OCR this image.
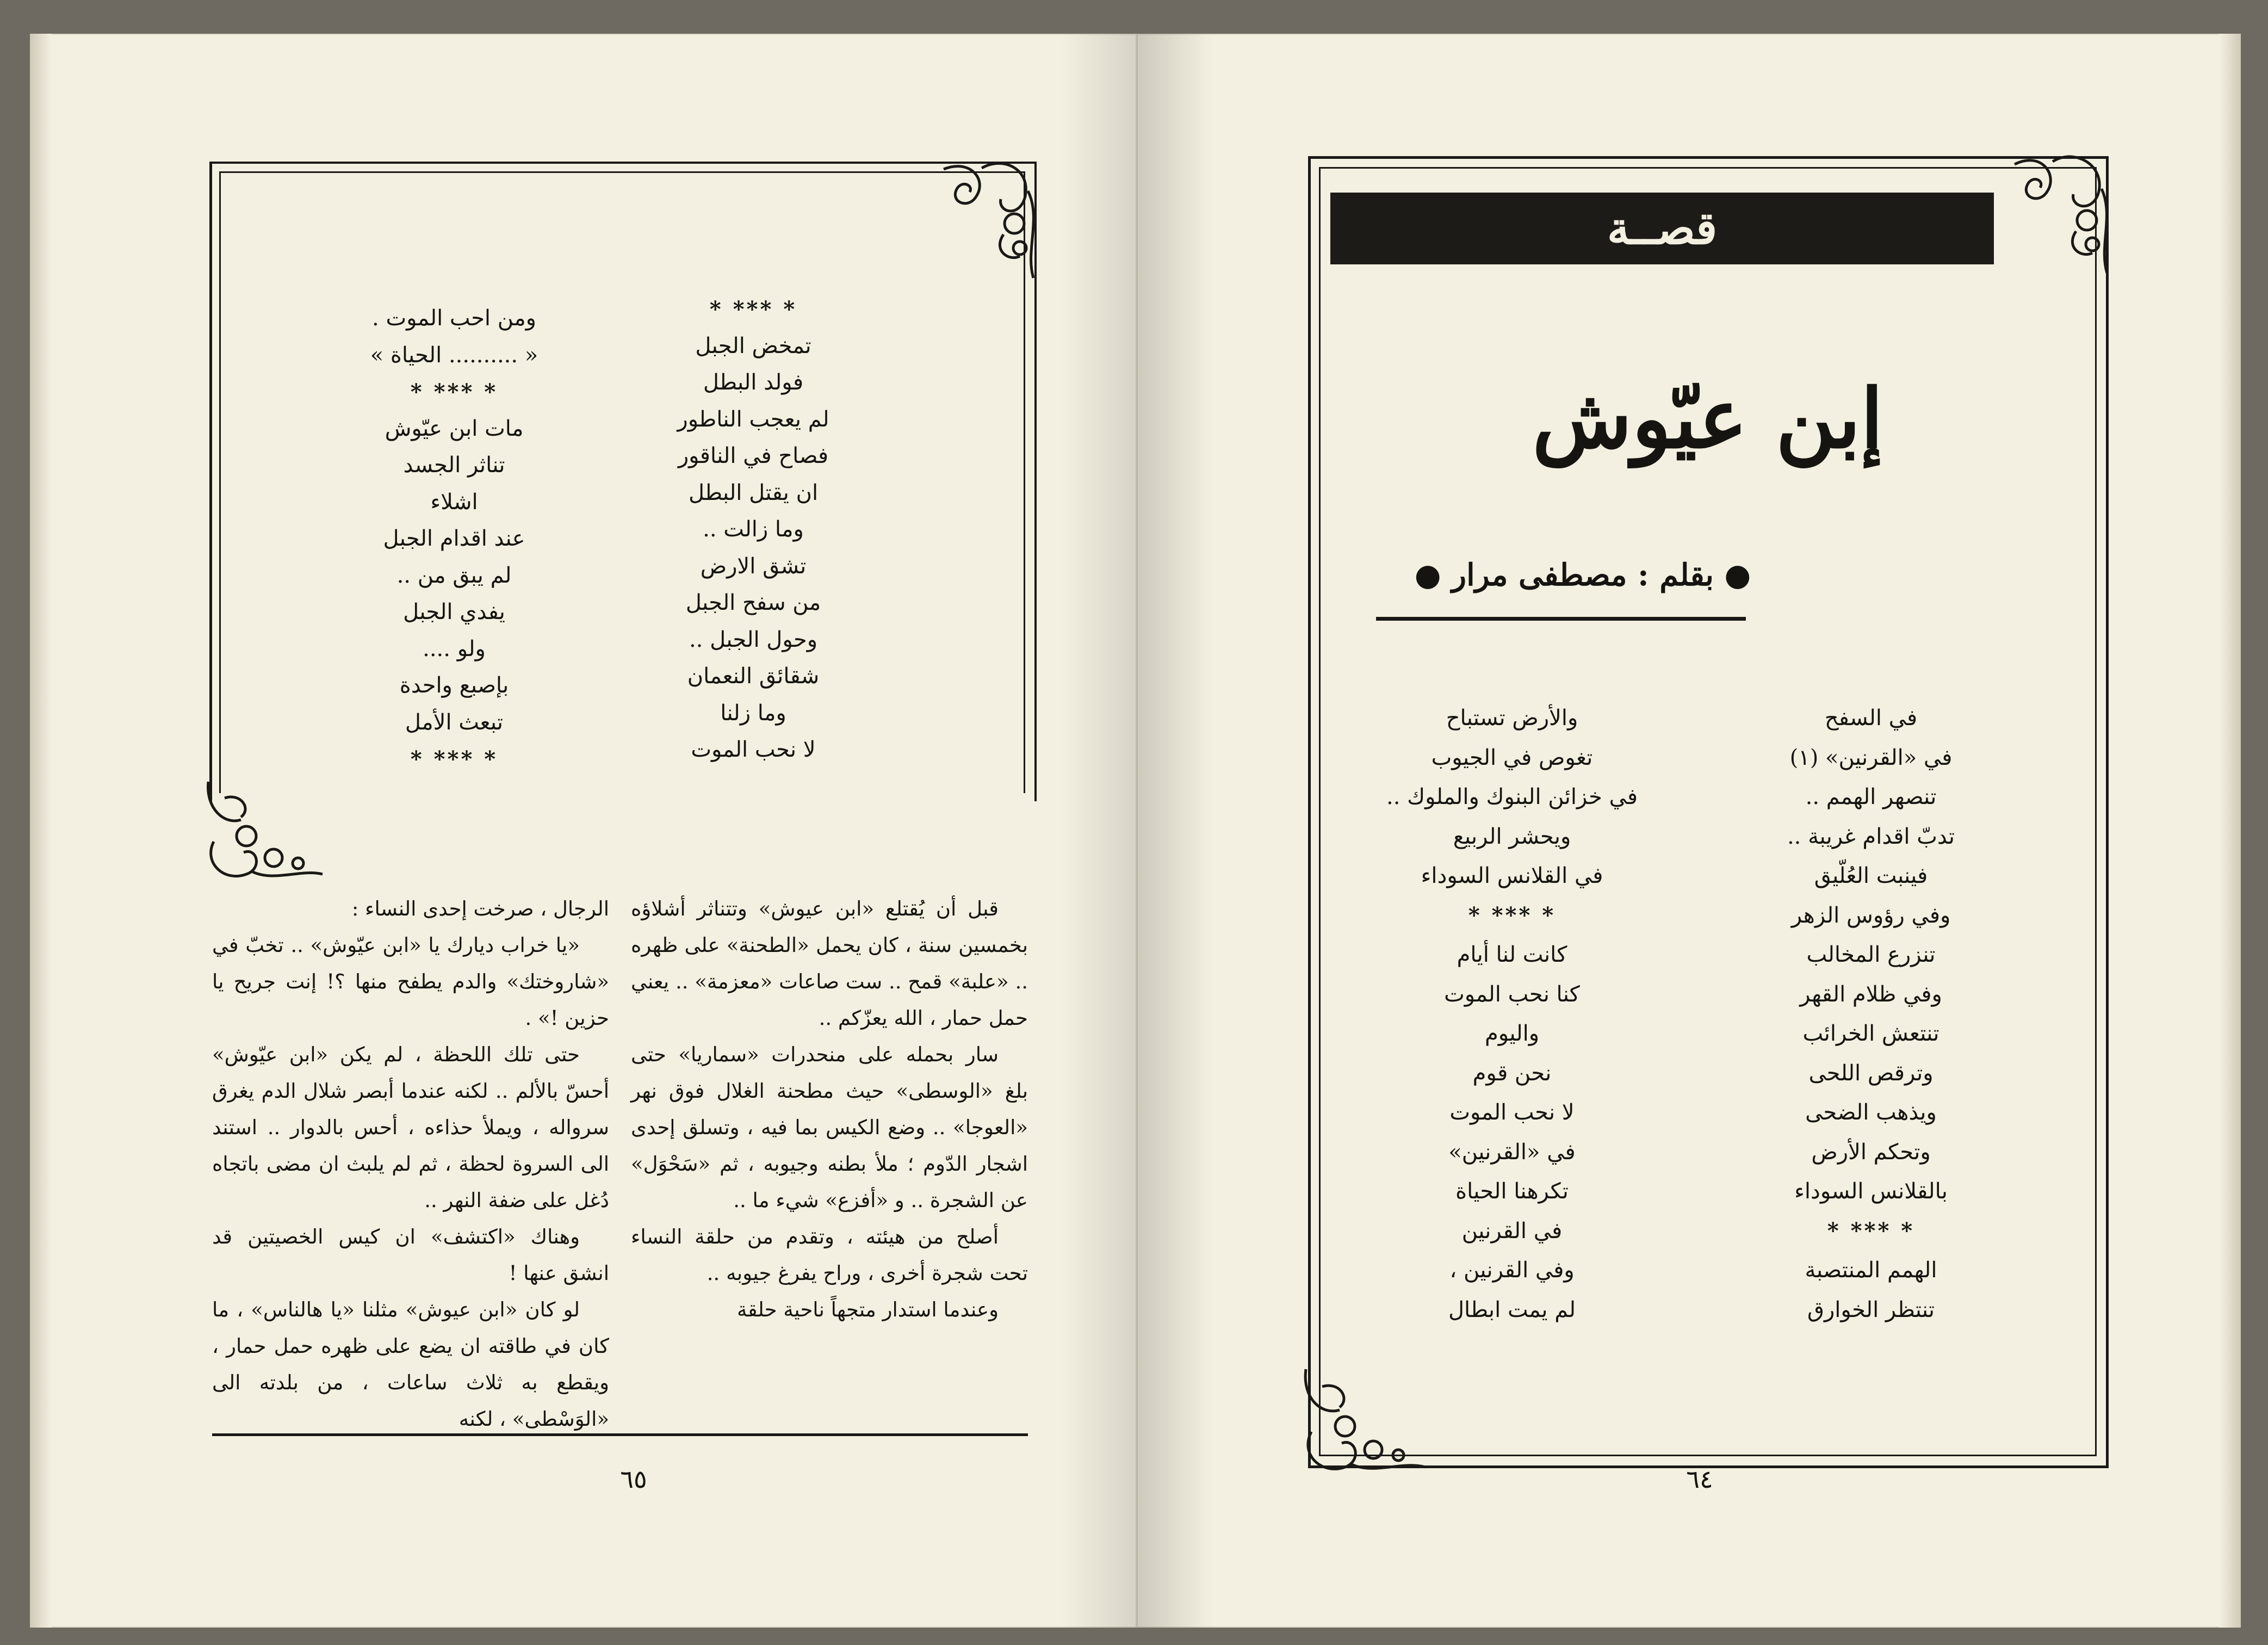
* *** *
تمخض الجبل
فولد البطل
لم يعجب الناطور
فصاح في الناقور
ان يقتل البطل
وما زالت ..
تشق الارض
من سفح الجبل
وحول الجبل ..
شقائق النعمان
وما زلنا
لا نحب الموت
ومن احب الموت .
« .......... الحياة »
* *** *
مات ابن عيّوش
تناثر الجسد
اشلاء
عند اقدام الجبل
لم يبق من ..
يفدي الجبل
ولو ....
بإصبع واحدة
تبعث الأمل
* *** *

قبل أن يُقتلع «ابن عيوش» وتتناثر أشلاؤه بخمسين سنة ، كان يحمل «الطحنة» على ظهره .. «علبة» قمح .. ست صاعات «معزمة» .. يعني حمل حمار ، الله يعزّكم ..

سار بحمله على منحدرات «سماريا» حتى بلغ «الوسطى» حيث مطحنة الغلال فوق نهر «العوجا» .. وضع الكيس بما فيه ، وتسلق إحدى اشجار الدّوم ؛ ملأ بطنه وجيوبه ، ثم «سَحْوَل» عن الشجرة .. و «أفزع» شيء ما ..

أصلح من هيئته ، وتقدم من حلقة النساء تحت شجرة أخرى ، وراح يفرغ جيوبه ..

وعندما استدار متجهاً ناحية حلقة

الرجال ، صرخت إحدى النساء :

«يا خراب ديارك يا «ابن عيّوش» .. تخبّ في «شاروختك» والدم يطفح منها ؟! إنت جريح يا حزين !» .

حتى تلك اللحظة ، لم يكن «ابن عيّوش» أحسّ بالألم .. لكنه عندما أبصر شلال الدم يغرق سرواله ، ويملأ حذاءه ، أحس بالدوار .. استند الى السروة لحظة ، ثم لم يلبث ان مضى باتجاه دُغل على ضفة النهر ..

وهناك «اكتشف» ان كيس الخصيتين قد انشق عنها !

لو كان «ابن عيوش» مثلنا «يا هالناس» ، ما كان في طاقته ان يضع على ظهره حمل حمار ، ويقطع به ثلاث ساعات ، من بلدته الى «الوَسْطى» ، لكنه

٦٥
قصــة
إبن عيّوش
● بقلم : مصطفى مرار ●
في السفح
في «القرنين» (١)
تنصهر الهمم ..
تدبّ اقدام غريبة ..
فينبت العُلّيق
وفي رؤوس الزهر
تنزرع المخالب
وفي ظلام القهر
تنتعش الخرائب
وترقص اللحى
ويذهب الضحى
وتحكم الأرض
بالقلانس السوداء
* *** *
الهمم المنتصبة
تنتظر الخوارق
والأرض تستباح
تغوص في الجيوب
في خزائن البنوك والملوك ..
ويحشر الربيع
في القلانس السوداء
* *** *
كانت لنا أيام
كنا نحب الموت
واليوم
نحن قوم
لا نحب الموت
في «القرنين»
تكرهنا الحياة
في القرنين
وفي القرنين ،
لم يمت ابطال
٦٤
